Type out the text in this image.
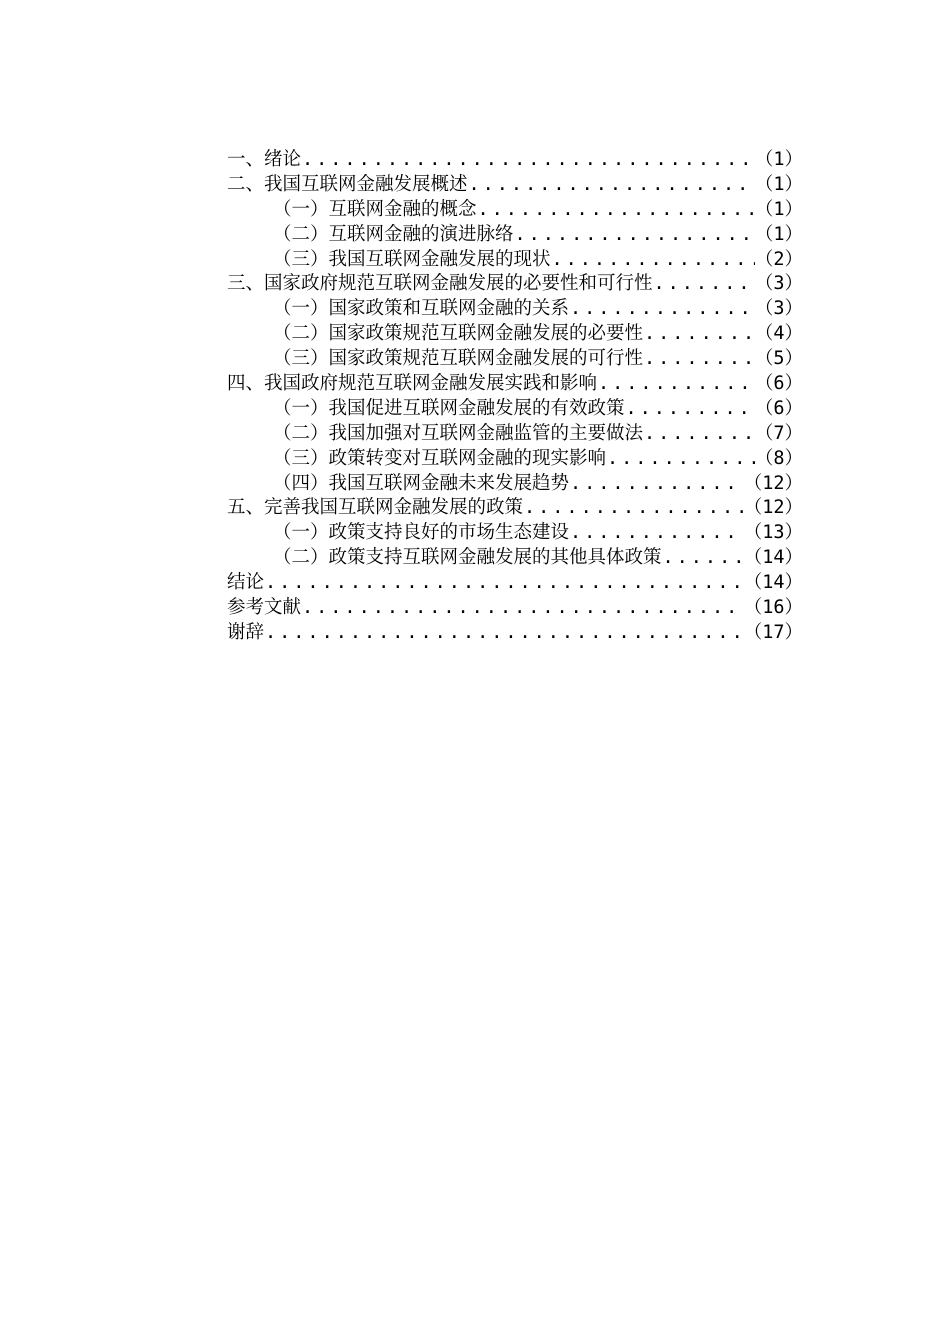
一、绪论 .....	（1）
二、我国互联网金融发展概述 .....	（1）
（一）互联网金融的概念 .....	（1）
（二）互联网金融的演进脉络 .....	（1）
（三）我国互联网金融发展的现状 .....	（2）
三、国家政府规范互联网金融发展的必要性和可行性 .....	（3）
（一）国家政策和互联网金融的关系 .....	（3）
（二）国家政策规范互联网金融发展的必要性 .....	（4）
（三）国家政策规范互联网金融发展的可行性 .....	（5）
四、我国政府规范互联网金融发展实践和影响 .....	（6）
（一）我国促进互联网金融发展的有效政策 .....	（6）
（二）我国加强对互联网金融监管的主要做法 .....	（7）
（三）政策转变对互联网金融的现实影响 .....	（8）
（四）我国互联网金融未来发展趋势 .....	（12）
五、完善我国互联网金融发展的政策 .....	（12）
（一）政策支持良好的市场生态建设 .....	（13）
（二）政策支持互联网金融发展的其他具体政策 .....	（14）
结论 .....	（14）
参考文献 .....	（16）
谢辞 .....	（17）
